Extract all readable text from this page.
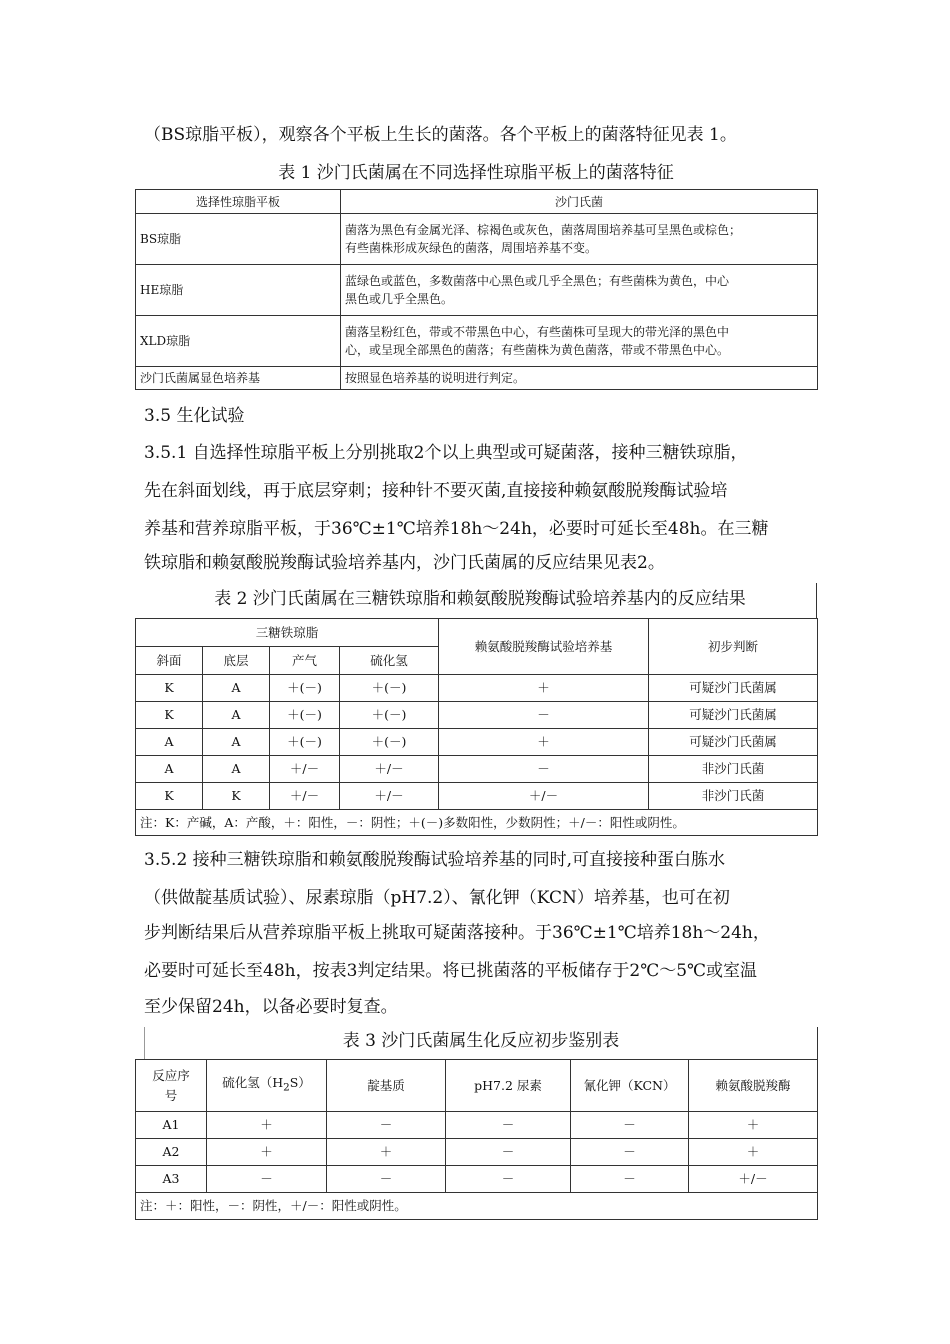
（BS琼脂平板），观察各个平板上生长的菌落。各个平板上的菌落特征见表 1。
表 1 沙门氏菌属在不同选择性琼脂平板上的菌落特征
选择性琼脂平板	沙门氏菌
BS琼脂	菌落为黑色有金属光泽、棕褐色或灰色，菌落周围培养基可呈黑色或棕色；
有些菌株形成灰绿色的菌落，周围培养基不变。

HE琼脂	蓝绿色或蓝色，多数菌落中心黑色或几乎全黑色；有些菌株为黄色，中心
黑色或几乎全黑色。

XLD琼脂	菌落呈粉红色，带或不带黑色中心，有些菌株可呈现大的带光泽的黑色中
心，或呈现全部黑色的菌落；有些菌株为黄色菌落，带或不带黑色中心。

沙门氏菌属显色培养基	按照显色培养基的说明进行判定。
3.5 生化试验
3.5.1 自选择性琼脂平板上分别挑取2个以上典型或可疑菌落，接种三糖铁琼脂，
先在斜面划线，再于底层穿刺；接种针不要灭菌,直接接种赖氨酸脱羧酶试验培
养基和营养琼脂平板，于36℃±1℃培养18h～24h，必要时可延长至48h。在三糖
铁琼脂和赖氨酸脱羧酶试验培养基内，沙门氏菌属的反应结果见表2。
表 2 沙门氏菌属在三糖铁琼脂和赖氨酸脱羧酶试验培养基内的反应结果
三糖铁琼脂				赖氨酸脱羧酶试验培养基	初步判断
斜面	底层	产气	硫化氢		
K	A	＋(－)	＋(－)	＋	可疑沙门氏菌属
K	A	＋(－)	＋(－)	－	可疑沙门氏菌属
A	A	＋(－)	＋(－)	＋	可疑沙门氏菌属
A	A	＋/－	＋/－	－	非沙门氏菌
K	K	＋/－	＋/－	＋/－	非沙门氏菌
注：K：产碱，A：产酸，＋：阳性，－：阴性；＋(－)多数阳性，少数阴性；＋/－：阳性或阴性。					
3.5.2 接种三糖铁琼脂和赖氨酸脱羧酶试验培养基的同时,可直接接种蛋白胨水
（供做靛基质试验）、尿素琼脂（pH7.2）、氰化钾（KCN）培养基，也可在初
步判断结果后从营养琼脂平板上挑取可疑菌落接种。于36℃±1℃培养18h～24h，
必要时可延长至48h，按表3判定结果。将已挑菌落的平板储存于2℃～5℃或室温
至少保留24h，以备必要时复查。
表 3 沙门氏菌属生化反应初步鉴别表
反应序
号	硫化氢$(H_2S)$	靛基质	pH7.2 尿素	氰化钾（KCN）	赖氨酸脱羧酶
A1	＋	－	－	－	＋
A2	＋	＋	－	－	＋
A3	－	－	－	－	＋/－
注：＋：阳性，－：阴性，＋/－：阳性或阴性。					
